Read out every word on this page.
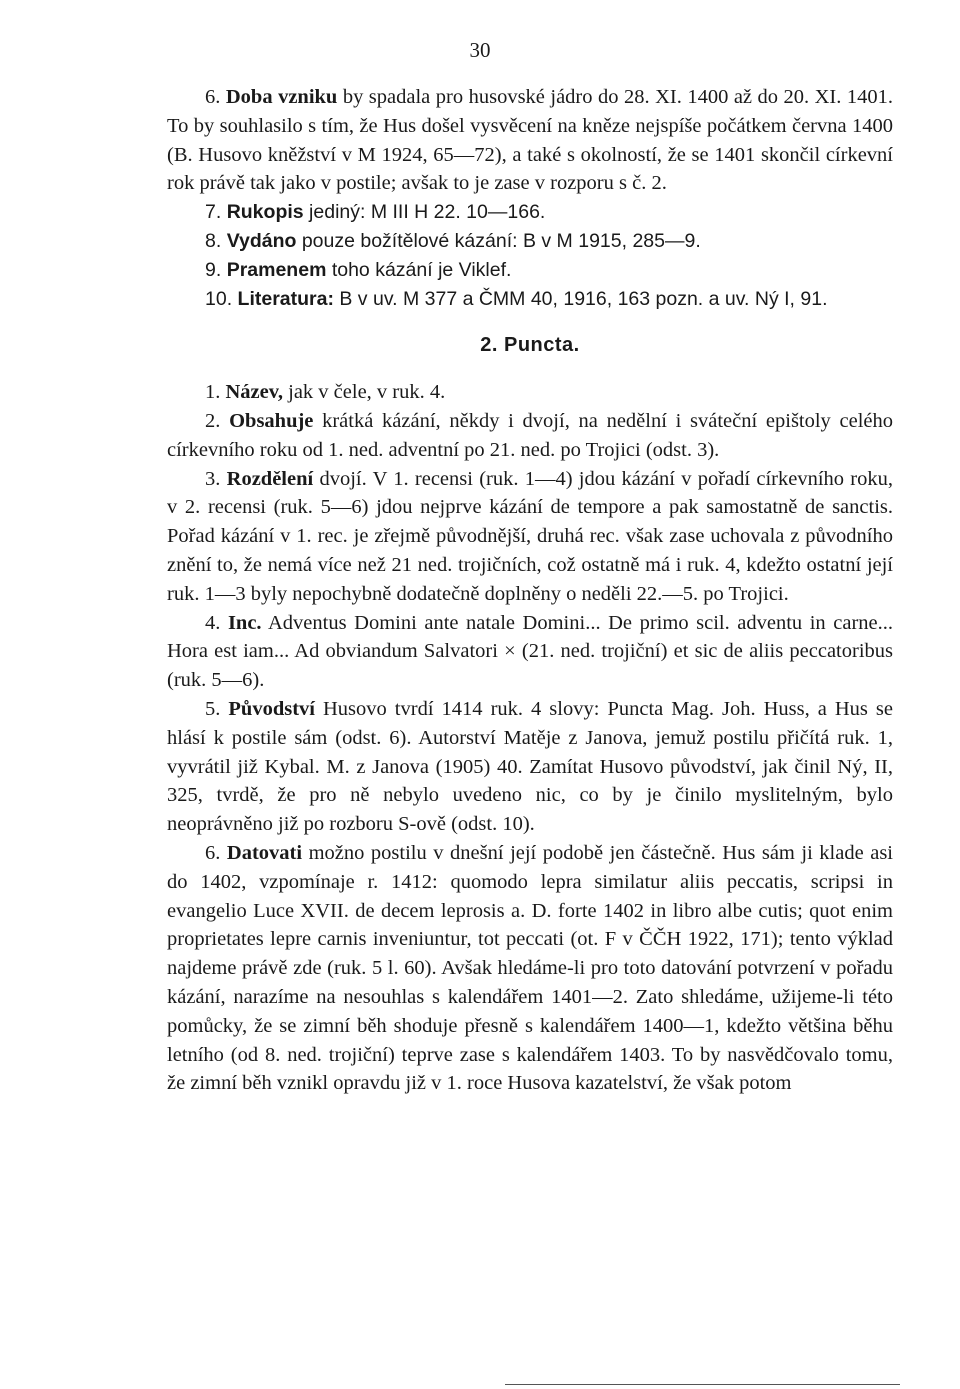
30

6. Doba vzniku by spadala pro husovské jádro do 28. XI. 1400 až do 20. XI. 1401. To by souhlasilo s tím, že Hus došel vysvěcení na kněze nejspíše počátkem června 1400 (B. Husovo kněžství v M 1924, 65—72), a také s okolností, že se 1401 skončil církevní rok právě tak jako v postile; avšak to je zase v rozporu s č. 2.

7. Rukopis jediný: M III H 22. 10—166.

8. Vydáno pouze božítělové kázání: B v M 1915, 285—9.

9. Pramenem toho kázání je Viklef.

10. Literatura: B v uv. M 377 a ČMM 40, 1916, 163 pozn. a uv. Ný I, 91.

2. Puncta.

1. Název, jak v čele, v ruk. 4.

2. Obsahuje krátká kázání, někdy i dvojí, na nedělní i sváteční epištoly celého církevního roku od 1. ned. adventní po 21. ned. po Trojici (odst. 3).

3. Rozdělení dvojí. V 1. recensi (ruk. 1—4) jdou kázání v pořadí církevního roku, v 2. recensi (ruk. 5—6) jdou nejprve kázání de tempore a pak samostatně de sanctis. Pořad kázání v 1. rec. je zřejmě původnější, druhá rec. však zase uchovala z původního znění to, že nemá více než 21 ned. trojičních, což ostatně má i ruk. 4, kdežto ostatní její ruk. 1—3 byly nepochybně dodatečně doplněny o neděli 22.—5. po Trojici.

4. Inc. Adventus Domini ante natale Domini... De primo scil. adventu in carne... Hora est iam... Ad obviandum Salvatori × (21. ned. trojiční) et sic de aliis peccatoribus (ruk. 5—6).

5. Původství Husovo tvrdí 1414 ruk. 4 slovy: Puncta Mag. Joh. Huss, a Hus se hlásí k postile sám (odst. 6). Autorství Matěje z Janova, jemuž postilu přičítá ruk. 1, vyvrátil již Kybal. M. z Janova (1905) 40. Zamítat Husovo původství, jak činil Ný, II, 325, tvrdě, že pro ně nebylo uvedeno nic, co by je činilo myslitelným, bylo neoprávněno již po rozboru S-ově (odst. 10).

6. Datovati možno postilu v dnešní její podobě jen částečně. Hus sám ji klade asi do 1402, vzpomínaje r. 1412: quomodo lepra similatur aliis peccatis, scripsi in evangelio Luce XVII. de decem leprosis a. D. forte 1402 in libro albe cutis; quot enim proprietates lepre carnis inveniuntur, tot peccati (ot. F v ČČH 1922, 171); tento výklad najdeme právě zde (ruk. 5 l. 60). Avšak hledáme-li pro toto datování potvrzení v pořadu kázání, narazíme na nesouhlas s kalendářem 1401—2. Zato shledáme, užijeme-li této pomůcky, že se zimní běh shoduje přesně s kalendářem 1400—1, kdežto většina běhu letního (od 8. ned. trojiční) teprve zase s kalendářem 1403. To by nasvědčovalo tomu, že zimní běh vznikl opravdu již v 1. roce Husova kazatelství, že však potom
